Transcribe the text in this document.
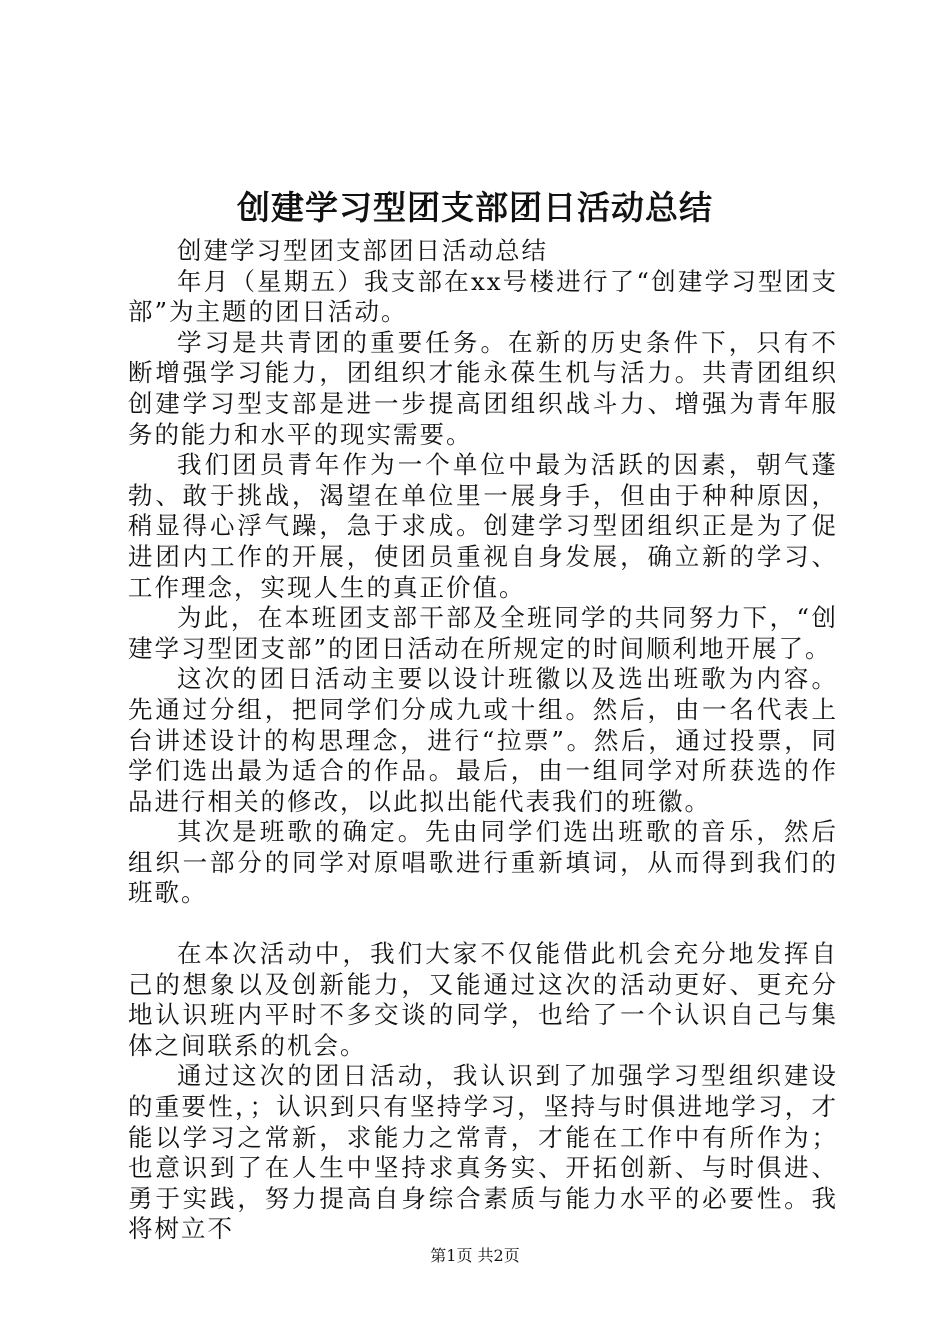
创建学习型团支部团日活动总结

创建学习型团支部团日活动总结

年月（星期五）我支部在xx号楼进行了“创建学习型团支部”为主题的团日活动。

学习是共青团的重要任务。在新的历史条件下，只有不断增强学习能力，团组织才能永葆生机与活力。共青团组织创建学习型支部是进一步提高团组织战斗力、增强为青年服务的能力和水平的现实需要。

我们团员青年作为一个单位中最为活跃的因素，朝气蓬勃、敢于挑战，渴望在单位里一展身手，但由于种种原因，稍显得心浮气躁，急于求成。创建学习型团组织正是为了促进团内工作的开展，使团员重视自身发展，确立新的学习、工作理念，实现人生的真正价值。

为此，在本班团支部干部及全班同学的共同努力下，“创建学习型团支部”的团日活动在所规定的时间顺利地开展了。

这次的团日活动主要以设计班徽以及选出班歌为内容。先通过分组，把同学们分成九或十组。然后，由一名代表上台讲述设计的构思理念，进行“拉票”。然后，通过投票，同学们选出最为适合的作品。最后，由一组同学对所获选的作品进行相关的修改，以此拟出能代表我们的班徽。

其次是班歌的确定。先由同学们选出班歌的音乐，然后组织一部分的同学对原唱歌进行重新填词，从而得到我们的班歌。

在本次活动中，我们大家不仅能借此机会充分地发挥自己的想象以及创新能力，又能通过这次的活动更好、更充分地认识班内平时不多交谈的同学，也给了一个认识自己与集体之间联系的机会。

通过这次的团日活动，我认识到了加强学习型组织建设的重要性，；认识到只有坚持学习，坚持与时俱进地学习，才能以学习之常新，求能力之常青，才能在工作中有所作为；也意识到了在人生中坚持求真务实、开拓创新、与时俱进、勇于实践，努力提高自身综合素质与能力水平的必要性。我将树立不

第1页 共2页
